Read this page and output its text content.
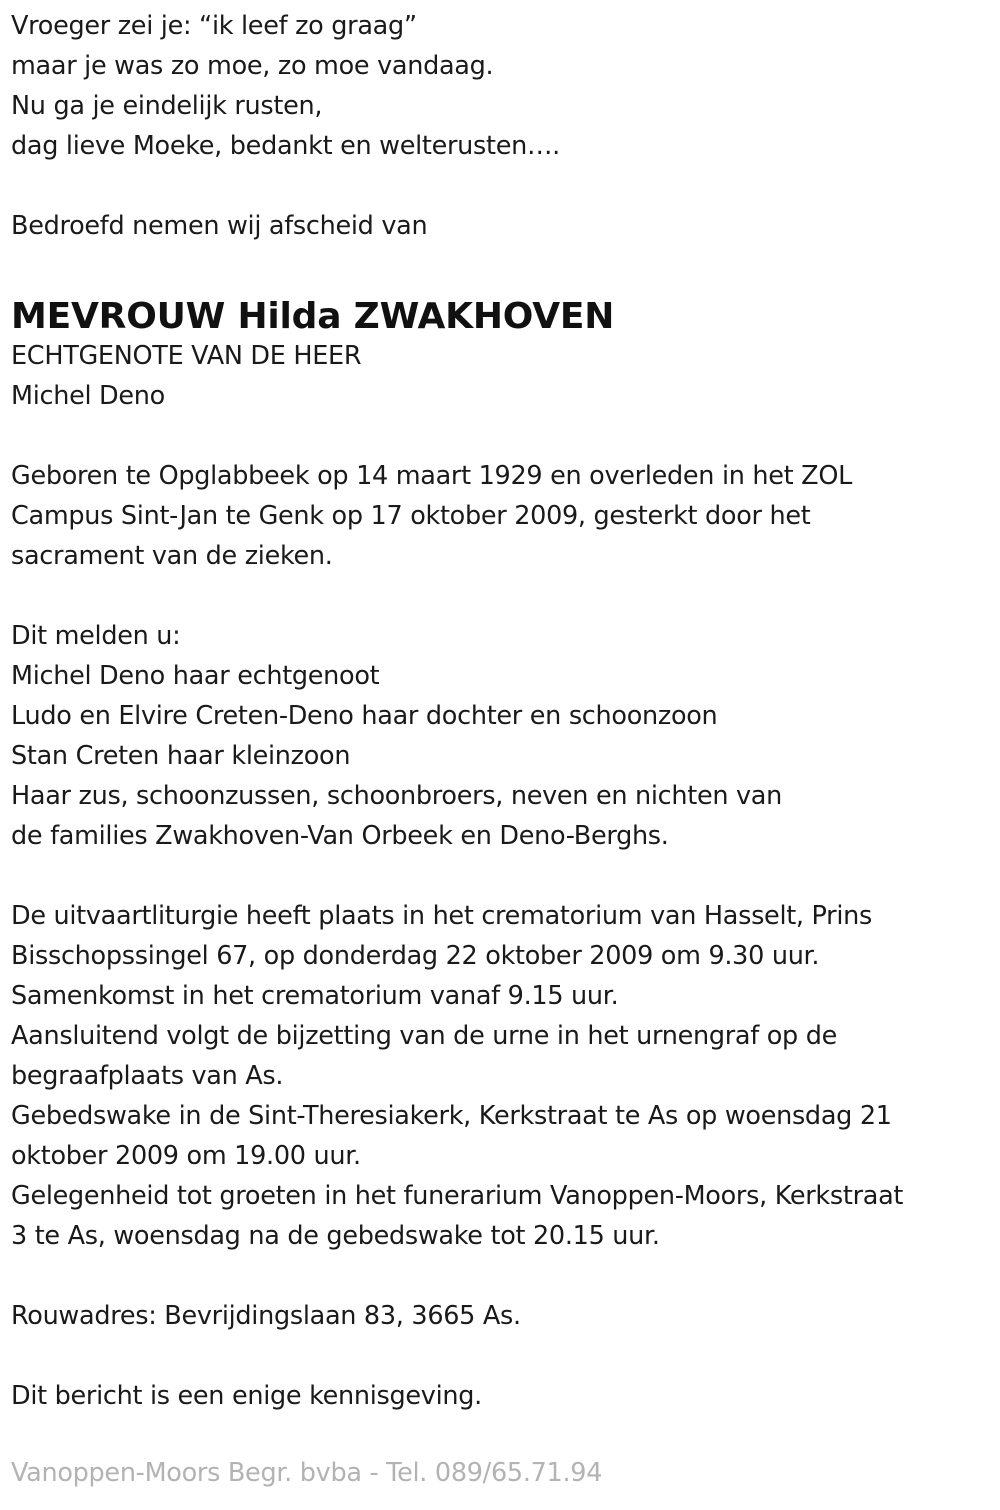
Vroeger zei je: “ik leef zo graag”
maar je was zo moe, zo moe vandaag.
Nu ga je eindelijk rusten,
dag lieve Moeke, bedankt en welterusten….
Bedroefd nemen wij afscheid van
MEVROUW Hilda ZWAKHOVEN
ECHTGENOTE VAN DE HEER
Michel Deno
Geboren te Opglabbeek op 14 maart 1929 en overleden in het ZOL
Campus Sint-Jan te Genk op 17 oktober 2009, gesterkt door het
sacrament van de zieken.
Dit melden u:
Michel Deno haar echtgenoot
Ludo en Elvire Creten-Deno haar dochter en schoonzoon
Stan Creten haar kleinzoon
Haar zus, schoonzussen, schoonbroers, neven en nichten van
de families Zwakhoven-Van Orbeek en Deno-Berghs.
De uitvaartliturgie heeft plaats in het crematorium van Hasselt, Prins
Bisschopssingel 67, op donderdag 22 oktober 2009 om 9.30 uur.
Samenkomst in het crematorium vanaf 9.15 uur.
Aansluitend volgt de bijzetting van de urne in het urnengraf op de
begraafplaats van As.
Gebedswake in de Sint-Theresiakerk, Kerkstraat te As op woensdag 21
oktober 2009 om 19.00 uur.
Gelegenheid tot groeten in het funerarium Vanoppen-Moors, Kerkstraat
3 te As, woensdag na de gebedswake tot 20.15 uur.
Rouwadres: Bevrijdingslaan 83, 3665 As.
Dit bericht is een enige kennisgeving.
Vanoppen-Moors Begr. bvba - Tel. 089/65.71.94
